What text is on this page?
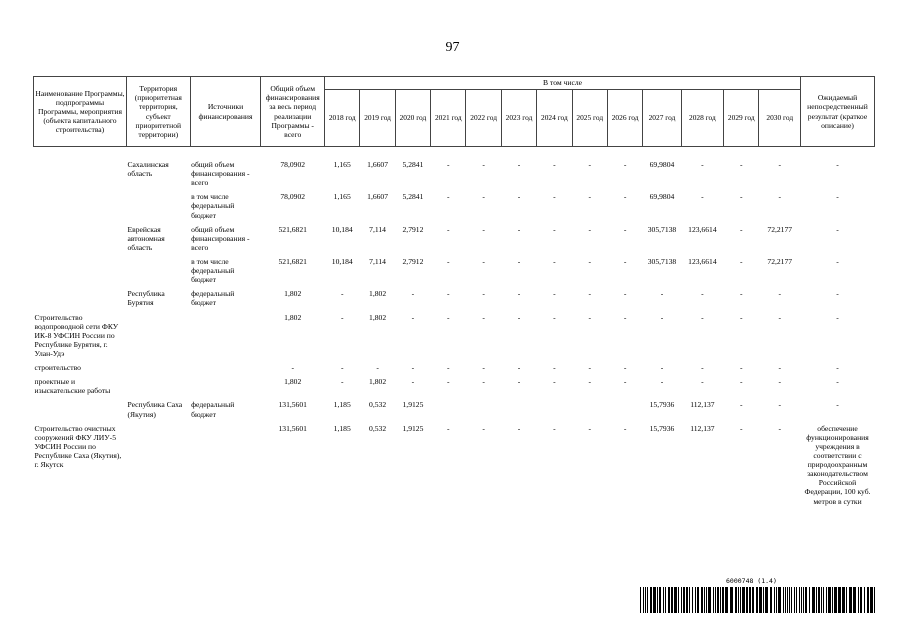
97
Наименование Программы, подпрограммы Программы, мероприятия (объекта капитального строительства)	Территория (приоритетная территория, субъект приоритетной территории)	Источники финансирования	Общий объем финансирования за весь период реализации Программы - всего	В том числе													Ожидаемый непосредственный результат (краткое описание)
				2018 год	2019 год	2020 год	2021 год	2022 год	2023 год	2024 год	2025 год	2026 год	2027 год	2028 год	2029 год	2030 год	

	Сахалинская область	общий объем финансирования - всего	78,0902	1,165	1,6607	5,2841	-	-	-	-	-	-	69,9804	-	-	-	-
		в том числе федеральный бюджет	78,0902	1,165	1,6607	5,2841	-	-	-	-	-	-	69,9804	-	-	-	-
	Еврейская автономная область	общий объем финансирования - всего	521,6821	10,184	7,114	2,7912	-	-	-	-	-	-	305,7138	123,6614	-	72,2177	-
		в том числе федеральный бюджет	521,6821	10,184	7,114	2,7912	-	-	-	-	-	-	305,7138	123,6614	-	72,2177	-
	Республика Бурятия	федеральный бюджет	1,802	-	1,802	-	-	-	-	-	-	-	-	-	-	-	-
Строительство водопроводной сети ФКУ ИК-8 УФСИН России по Республике Бурятия, г. Улан-Удэ			1,802	-	1,802	-	-	-	-	-	-	-	-	-	-	-	-
строительство			-	-	-	-	-	-	-	-	-	-	-	-	-	-	-
проектные и изыскательские работы			1,802	-	1,802	-	-	-	-	-	-	-	-	-	-	-	-
	Республика Саха (Якутия)	федеральный бюджет	131,5601	1,185	0,532	1,9125							15,7936	112,137	-	-	-
Строительство очистных сооружений ФКУ ЛИУ-5 УФСИН России по Республике Саха (Якутия), г. Якутск			131,5601	1,185	0,532	1,9125	-	-	-	-	-	-	15,7936	112,137	-	-	обеспечение функционирования учреждения в соответствии с природоохранным законодательством Российской Федерации, 100 куб. метров в сутки
6000748 (1.4)
